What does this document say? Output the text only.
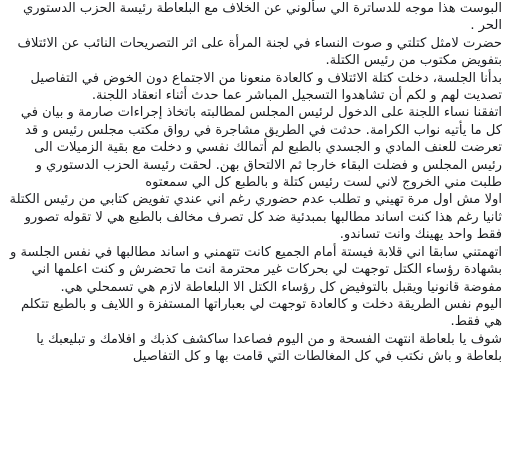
البوست هذا موجه للدساترة الي سألوني عن الخلاف مع البلعاطة رئيسة الحزب الدستوري الحر .

حضرت لامثل كتلتي و صوت النساء في لجنة المرأة على اثر التصريحات النائب عن الائتلاف بتفويض مكتوب من رئيس الكتلة.

بدأنا الجلسة، دخلت كتلة الائتلاف و كالعادة منعونا من الاجتماع دون الخوض في التفاصيل تصديت لهم و لكم أن تشاهدوا التسجيل المباشر عما حدث أثناء انعقاد اللجنة.

اتفقنا نساء اللجنة على الدخول لرئيس المجلس لمطالبته باتخاذ إجراءات صارمة و بيان في كل ما يأتيه نواب الكرامة. حدثت في الطريق مشاجرة في رواق مكتب مجلس رئيس و قد تعرضت للعنف المادي و الجسدي بالطبع لم أتمالك نفسي و دخلت مع بقية الزميلات الى رئيس المجلس و فضلت البقاء خارجا ثم الالتحاق بهن. لحقت رئيسة الحزب الدستوري و طلبت مني الخروج لاني لست رئيس كتلة و بالطبع كل الي سمعتوه

اولا مش اول مرة تهيني و تطلب عدم حضوري رغم اني عندي تفويض كتابي من رئيس الكتلة ثانيا رغم هذا كنت اساند مطالبها بمبدئية ضد كل تصرف مخالف بالطبع هي لا تقوله تصورو فقط واحد يهينك وانت تساندو.

اتهمتني سابقا اني قلابة فيستة أمام الجميع كانت تتهمني و اساند مطالبها في نفس الجلسة و بشهادة رؤساء الكتل توجهت لي بحركات غير محترمة انت ما تحضرش و كنت اعلمها اني مفوضة قانونيا ويقبل بالتوفيض كل رؤساء الكتل الا البلعاطة لازم هي تسمحلي هي.

اليوم نفس الطريقة دخلت و كالعادة توجهت لي بعباراتها المستفزة و اللايف و بالطبع تتكلم هي فقط.

شوف يا بلعاطة انتهت الفسحة و من اليوم فصاعدا ساكشف كذبك و افلامك و تبليعبك يا بلعاطة و باش نكتب في كل المغالطات التي قامت بها و كل التفاصيل
